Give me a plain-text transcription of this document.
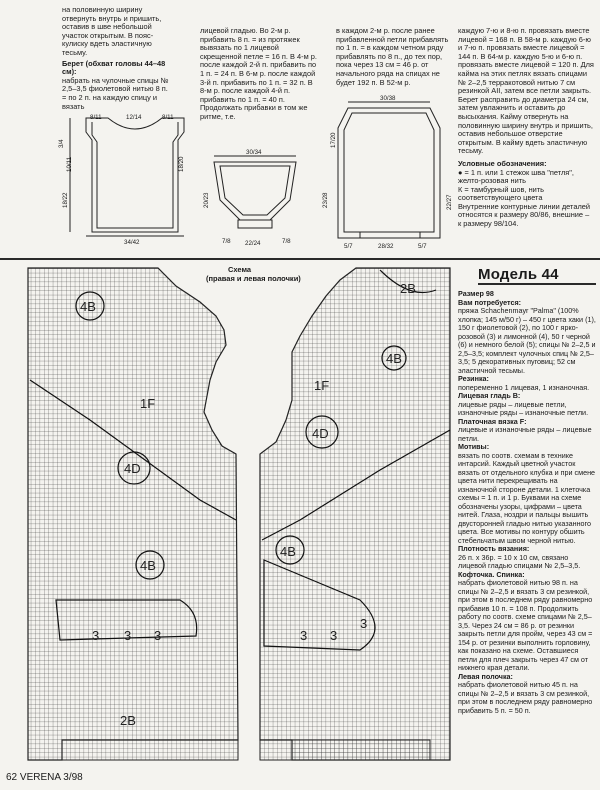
на половинную ширину отвернуть внутрь и пришить, оставив в шве небольшой участок открытым. В пояс-кулиску вдеть эластичную тесьму.

Берет (обхват головы 44–48 см):
набрать на чулочные спицы № 2,5–3,5 фиолетовой нитью 8 п. = по 2 п. на каждую спицу и вязать

лицевой гладью. Во 2-м р. прибавить 8 п. = из протяжек вывязать по 1 лицевой скрещенной петле = 16 п. В 4-м р. после каждой 2-й п. прибавить по 1 п. = 24 п. В 6-м р. после каждой 3-й п. прибавить по 1 п. = 32 п. В 8-м р. после каждой 4-й п. прибавить по 1 п. = 40 п. Продолжать прибавки в том же ритме, т.е.

в каждом 2-м р. после ранее прибавленной петли прибавлять по 1 п. = в каждом четном ряду прибавлять по 8 п., до тех пор, пока через 13 см = 46 р. от начального ряда на спицах не будет 192 п. В 52-м р.

каждую 7-ю и 8-ю п. провязать вместе лицевой = 168 п. В 58-м р. каждую 6-ю и 7-ю п. провязать вместе лицевой = 144 п. В 64-м р. каждую 5-ю и 6-ю п. провязать вместе лицевой = 120 п. Для кайма на этих петлях вязать спицами № 2–2,5 терракотовой нитью 7 см резинкой АII, затем все петли закрыть. Берет расправить до диаметра 24 см, затем увлажнить и оставить до высыхания. Кайму отвернуть на половинную ширину внутрь и пришить, оставив небольшое отверстие открытым. В кайму вдеть эластичную тесьму.

Условные обозначения:

● = 1 п. или 1 стежок шва "петля", желто-розовая нить
К = тамбурный шов, нить соответствующего цвета
Внутренние контурные линии деталей относятся к размеру 80/86, внешние – к размеру 98/104.

8/11	12/14	8/11
3/4
10/11
18/22
18/20
34/42
30/34
20/23
7/8 22/24	7/8
30/38
23/28
17/20
22/27
5/7	28/32	5/7
Схема
(правая и левая полочки)
4В
1F
4D
4B
3 3 3
2B
2B
4B
1F
4D
4B
3 3
3
Модель 44

Размер 98

Вам потребуется:
пряжа Schachenmayr "Palma" (100% хлопка; 145 м/50 г) – 450 г цвета хаки (1), 150 г фиолетовой (2), по 100 г ярко-розовой (3) и лимонной (4), 50 г черной (6) и немного белой (5); спицы № 2–2,5 и 2,5–3,5; комплект чулочных спиц № 2,5–3,5; 5 декоративных пуговиц; 52 см эластичной тесьмы.

Резинка:
попеременно 1 лицевая, 1 изнаночная.

Лицевая гладь В:
лицевые ряды – лицевые петли, изнаночные ряды – изнаночные петли.

Платочная вязка F:
лицевые и изнаночные ряды – лицевые петли.

Мотивы:
вязать по соотв. схемам в технике интарсий. Каждый цветной участок вязать от отдельного клубка и при смене цвета нити перекрещивать на изнаночной стороне детали. 1 клеточка схемы = 1 п. и 1 р. Буквами на схеме обозначены узоры, цифрами – цвета нитей. Глаза, ноздри и пальцы вышить двусторонней гладью нитью указанного цвета. Все мотивы по контуру обшить стебельчатым швом черной нитью.

Плотность вязания:
26 п. х 36р. = 10 х 10 см, связано лицевой гладью спицами № 2,5–3,5.

Кофточка. Спинка:
набрать фиолетовой нитью 98 п. на спицы № 2–2,5 и вязать 3 см резинкой, при этом в последнем ряду равномерно прибавив 10 п. = 108 п. Продолжить работу по соотв. схеме спицами № 2,5–3,5. Через 24 см = 86 р. от резинки закрыть петли для пройм, через 43 см = 154 р. от резинки выполнить горловину, как показано на схеме. Оставшиеся петли для плеч закрыть через 47 см от нижнего края детали.

Левая полочка:
набрать фиолетовой нитью 45 п. на спицы № 2–2,5 и вязать 3 см резинкой, при этом в последнем ряду равномерно прибавить 5 п. = 50 п.

62 VERENA 3/98
